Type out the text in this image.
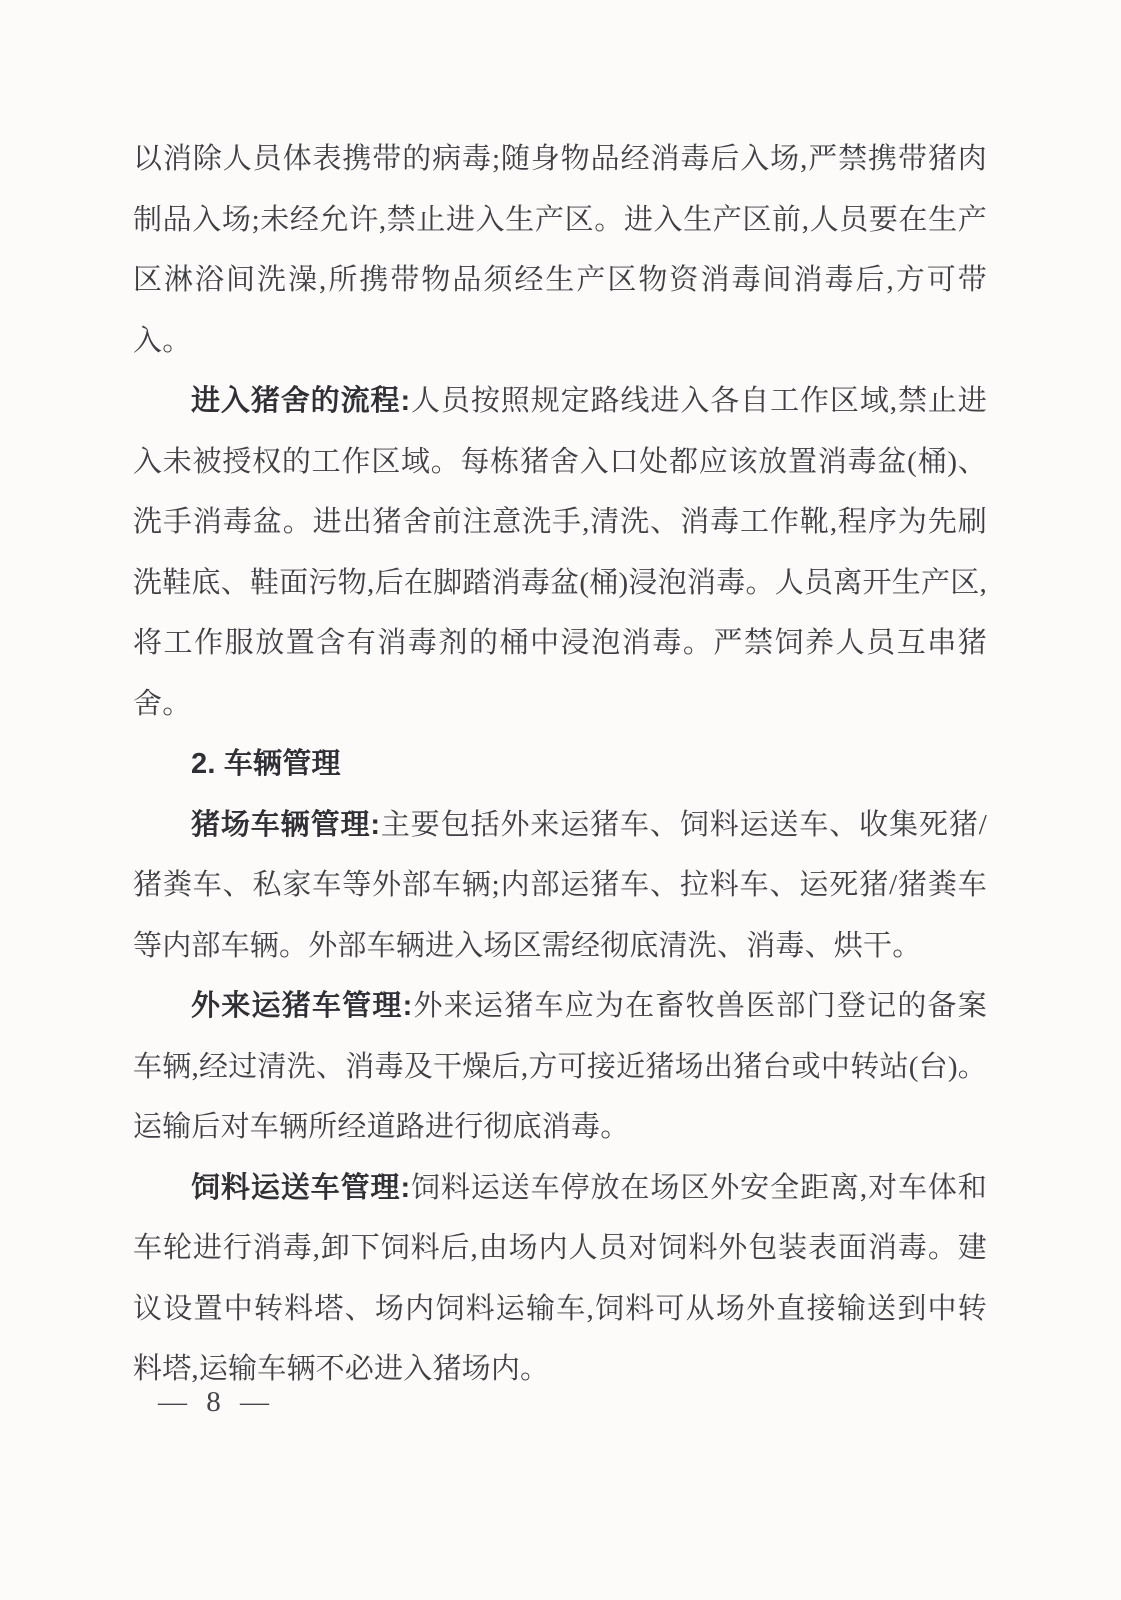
以消除人员体表携带的病毒;随身物品经消毒后入场,严禁携带猪肉制品入场;未经允许,禁止进入生产区。进入生产区前,人员要在生产区淋浴间洗澡,所携带物品须经生产区物资消毒间消毒后,方可带入。

进入猪舍的流程:人员按照规定路线进入各自工作区域,禁止进入未被授权的工作区域。每栋猪舍入口处都应该放置消毒盆(桶)、洗手消毒盆。进出猪舍前注意洗手,清洗、消毒工作靴,程序为先刷洗鞋底、鞋面污物,后在脚踏消毒盆(桶)浸泡消毒。人员离开生产区,将工作服放置含有消毒剂的桶中浸泡消毒。严禁饲养人员互串猪舍。

2. 车辆管理

猪场车辆管理:主要包括外来运猪车、饲料运送车、收集死猪/猪粪车、私家车等外部车辆;内部运猪车、拉料车、运死猪/猪粪车等内部车辆。外部车辆进入场区需经彻底清洗、消毒、烘干。

外来运猪车管理:外来运猪车应为在畜牧兽医部门登记的备案车辆,经过清洗、消毒及干燥后,方可接近猪场出猪台或中转站(台)。运输后对车辆所经道路进行彻底消毒。

饲料运送车管理:饲料运送车停放在场区外安全距离,对车体和车轮进行消毒,卸下饲料后,由场内人员对饲料外包装表面消毒。建议设置中转料塔、场内饲料运输车,饲料可从场外直接输送到中转料塔,运输车辆不必进入猪场内。

— 8 —
